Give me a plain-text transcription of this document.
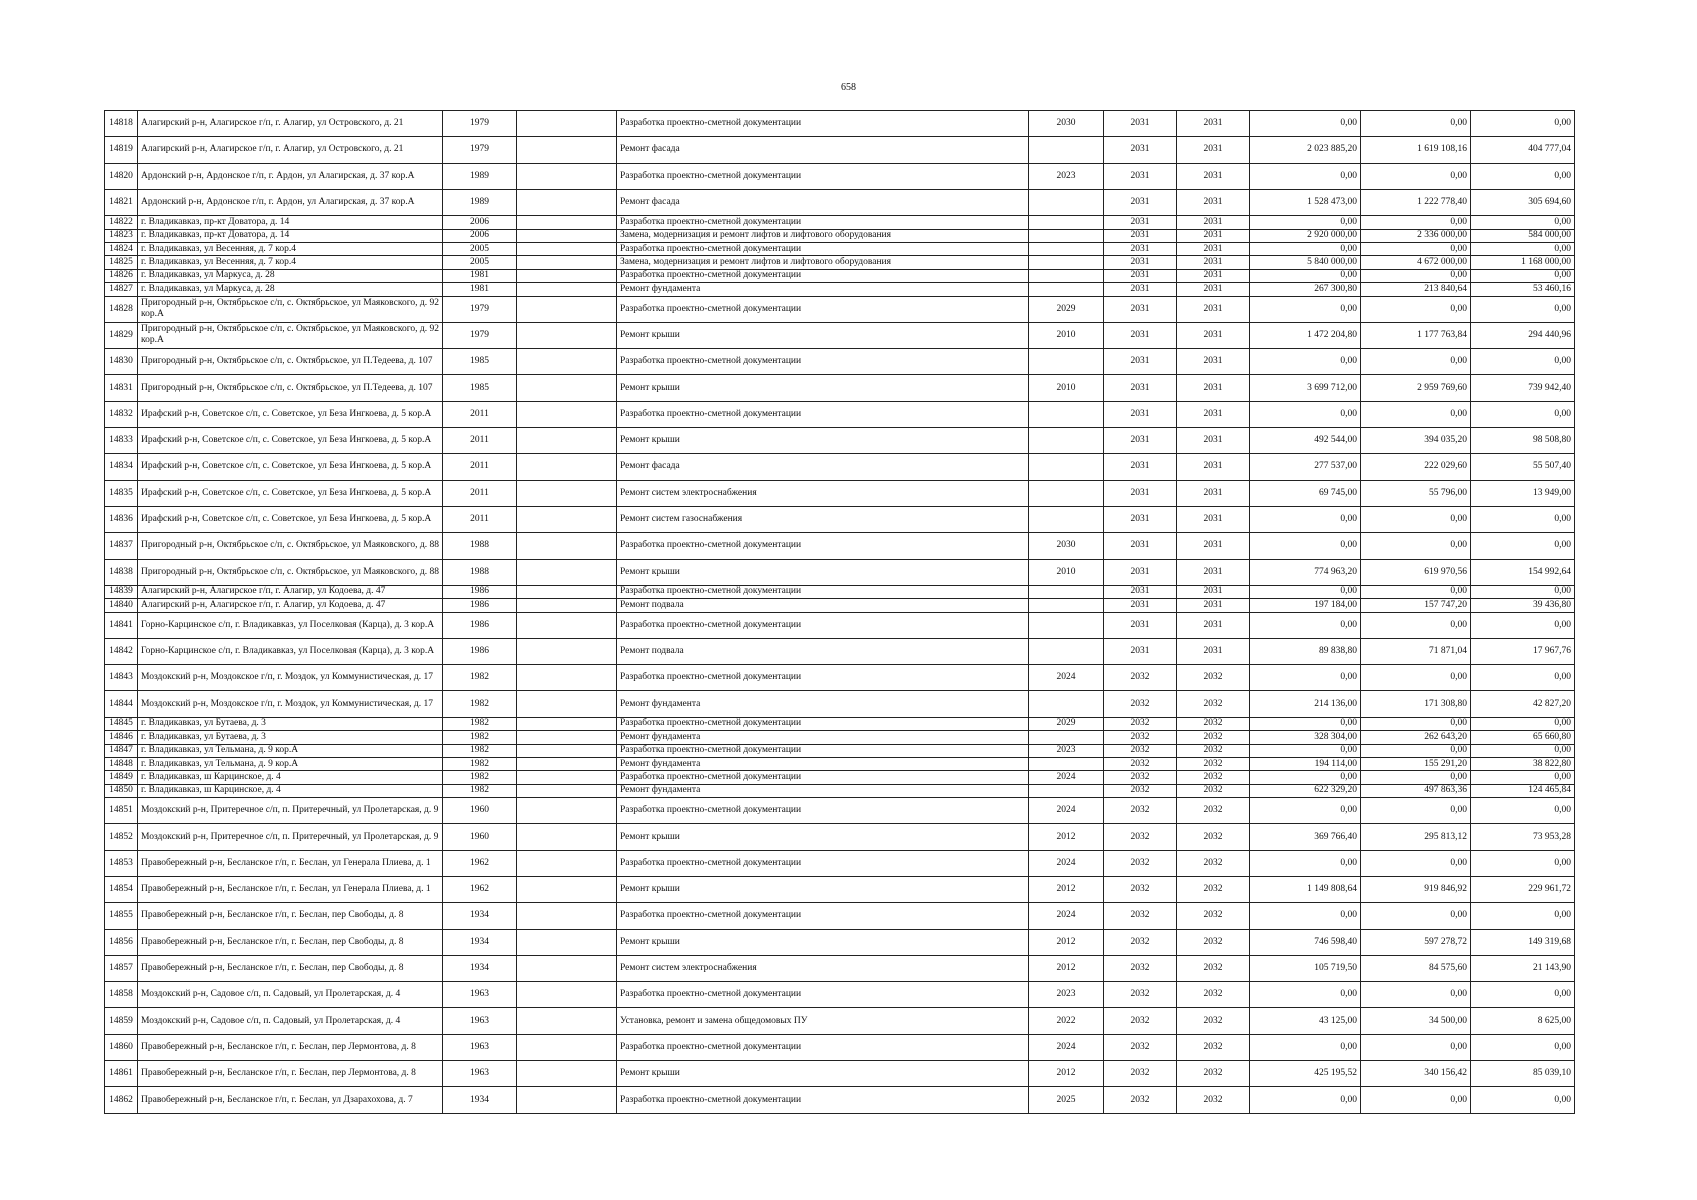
658
14818	Алагирский р-н, Алагирское г/п, г. Алагир, ул Островского, д. 21	1979		Разработка проектно-сметной документации	2030	2031	2031	0,00	0,00	0,00
14819	Алагирский р-н, Алагирское г/п, г. Алагир, ул Островского, д. 21	1979		Ремонт фасада		2031	2031	2 023 885,20	1 619 108,16	404 777,04
14820	Ардонский р-н, Ардонское г/п, г. Ардон, ул Алагирская, д. 37 кор.А	1989		Разработка проектно-сметной документации	2023	2031	2031	0,00	0,00	0,00
14821	Ардонский р-н, Ардонское г/п, г. Ардон, ул Алагирская, д. 37 кор.А	1989		Ремонт фасада		2031	2031	1 528 473,00	1 222 778,40	305 694,60
14822	г. Владикавказ, пр-кт Доватора, д. 14	2006		Разработка проектно-сметной документации		2031	2031	0,00	0,00	0,00
14823	г. Владикавказ, пр-кт Доватора, д. 14	2006		Замена, модернизация и ремонт лифтов и лифтового оборудования		2031	2031	2 920 000,00	2 336 000,00	584 000,00
14824	г. Владикавказ, ул Весенняя, д. 7 кор.4	2005		Разработка проектно-сметной документации		2031	2031	0,00	0,00	0,00
14825	г. Владикавказ, ул Весенняя, д. 7 кор.4	2005		Замена, модернизация и ремонт лифтов и лифтового оборудования		2031	2031	5 840 000,00	4 672 000,00	1 168 000,00
14826	г. Владикавказ, ул Маркуса, д. 28	1981		Разработка проектно-сметной документации		2031	2031	0,00	0,00	0,00
14827	г. Владикавказ, ул Маркуса, д. 28	1981		Ремонт фундамента		2031	2031	267 300,80	213 840,64	53 460,16
14828	Пригородный р-н, Октябрьское с/п, с. Октябрьское, ул Маяковского, д. 92 кор.А	1979		Разработка проектно-сметной документации	2029	2031	2031	0,00	0,00	0,00
14829	Пригородный р-н, Октябрьское с/п, с. Октябрьское, ул Маяковского, д. 92 кор.А	1979		Ремонт крыши	2010	2031	2031	1 472 204,80	1 177 763,84	294 440,96
14830	Пригородный р-н, Октябрьское с/п, с. Октябрьское, ул П.Тедеева, д. 107	1985		Разработка проектно-сметной документации		2031	2031	0,00	0,00	0,00
14831	Пригородный р-н, Октябрьское с/п, с. Октябрьское, ул П.Тедеева, д. 107	1985		Ремонт крыши	2010	2031	2031	3 699 712,00	2 959 769,60	739 942,40
14832	Ирафский р-н, Советское с/п, с. Советское, ул Беза Ингкоева, д. 5 кор.А	2011		Разработка проектно-сметной документации		2031	2031	0,00	0,00	0,00
14833	Ирафский р-н, Советское с/п, с. Советское, ул Беза Ингкоева, д. 5 кор.А	2011		Ремонт крыши		2031	2031	492 544,00	394 035,20	98 508,80
14834	Ирафский р-н, Советское с/п, с. Советское, ул Беза Ингкоева, д. 5 кор.А	2011		Ремонт фасада		2031	2031	277 537,00	222 029,60	55 507,40
14835	Ирафский р-н, Советское с/п, с. Советское, ул Беза Ингкоева, д. 5 кор.А	2011		Ремонт систем электроснабжения		2031	2031	69 745,00	55 796,00	13 949,00
14836	Ирафский р-н, Советское с/п, с. Советское, ул Беза Ингкоева, д. 5 кор.А	2011		Ремонт систем газоснабжения		2031	2031	0,00	0,00	0,00
14837	Пригородный р-н, Октябрьское с/п, с. Октябрьское, ул Маяковского, д. 88	1988		Разработка проектно-сметной документации	2030	2031	2031	0,00	0,00	0,00
14838	Пригородный р-н, Октябрьское с/п, с. Октябрьское, ул Маяковского, д. 88	1988		Ремонт крыши	2010	2031	2031	774 963,20	619 970,56	154 992,64
14839	Алагирский р-н, Алагирское г/п, г. Алагир, ул Кодоева, д. 47	1986		Разработка проектно-сметной документации		2031	2031	0,00	0,00	0,00
14840	Алагирский р-н, Алагирское г/п, г. Алагир, ул Кодоева, д. 47	1986		Ремонт подвала		2031	2031	197 184,00	157 747,20	39 436,80
14841	Горно-Карцинское с/п, г. Владикавказ, ул Поселковая (Карца), д. 3 кор.А	1986		Разработка проектно-сметной документации		2031	2031	0,00	0,00	0,00
14842	Горно-Карцинское с/п, г. Владикавказ, ул Поселковая (Карца), д. 3 кор.А	1986		Ремонт подвала		2031	2031	89 838,80	71 871,04	17 967,76
14843	Моздокский р-н, Моздокское г/п, г. Моздок, ул Коммунистическая, д. 17	1982		Разработка проектно-сметной документации	2024	2032	2032	0,00	0,00	0,00
14844	Моздокский р-н, Моздокское г/п, г. Моздок, ул Коммунистическая, д. 17	1982		Ремонт фундамента		2032	2032	214 136,00	171 308,80	42 827,20
14845	г. Владикавказ, ул Бутаева, д. 3	1982		Разработка проектно-сметной документации	2029	2032	2032	0,00	0,00	0,00
14846	г. Владикавказ, ул Бутаева, д. 3	1982		Ремонт фундамента		2032	2032	328 304,00	262 643,20	65 660,80
14847	г. Владикавказ, ул Тельмана, д. 9 кор.А	1982		Разработка проектно-сметной документации	2023	2032	2032	0,00	0,00	0,00
14848	г. Владикавказ, ул Тельмана, д. 9 кор.А	1982		Ремонт фундамента		2032	2032	194 114,00	155 291,20	38 822,80
14849	г. Владикавказ, ш Карцинское, д. 4	1982		Разработка проектно-сметной документации	2024	2032	2032	0,00	0,00	0,00
14850	г. Владикавказ, ш Карцинское, д. 4	1982		Ремонт фундамента		2032	2032	622 329,20	497 863,36	124 465,84
14851	Моздокский р-н, Притеречное с/п, п. Притеречный, ул Пролетарская, д. 9	1960		Разработка проектно-сметной документации	2024	2032	2032	0,00	0,00	0,00
14852	Моздокский р-н, Притеречное с/п, п. Притеречный, ул Пролетарская, д. 9	1960		Ремонт крыши	2012	2032	2032	369 766,40	295 813,12	73 953,28
14853	Правобережный р-н, Бесланское г/п, г. Беслан, ул Генерала Плиева, д. 1	1962		Разработка проектно-сметной документации	2024	2032	2032	0,00	0,00	0,00
14854	Правобережный р-н, Бесланское г/п, г. Беслан, ул Генерала Плиева, д. 1	1962		Ремонт крыши	2012	2032	2032	1 149 808,64	919 846,92	229 961,72
14855	Правобережный р-н, Бесланское г/п, г. Беслан, пер Свободы, д. 8	1934		Разработка проектно-сметной документации	2024	2032	2032	0,00	0,00	0,00
14856	Правобережный р-н, Бесланское г/п, г. Беслан, пер Свободы, д. 8	1934		Ремонт крыши	2012	2032	2032	746 598,40	597 278,72	149 319,68
14857	Правобережный р-н, Бесланское г/п, г. Беслан, пер Свободы, д. 8	1934		Ремонт систем электроснабжения	2012	2032	2032	105 719,50	84 575,60	21 143,90
14858	Моздокский р-н, Садовое с/п, п. Садовый, ул Пролетарская, д. 4	1963		Разработка проектно-сметной документации	2023	2032	2032	0,00	0,00	0,00
14859	Моздокский р-н, Садовое с/п, п. Садовый, ул Пролетарская, д. 4	1963		Установка, ремонт и замена общедомовых ПУ	2022	2032	2032	43 125,00	34 500,00	8 625,00
14860	Правобережный р-н, Бесланское г/п, г. Беслан, пер Лермонтова, д. 8	1963		Разработка проектно-сметной документации	2024	2032	2032	0,00	0,00	0,00
14861	Правобережный р-н, Бесланское г/п, г. Беслан, пер Лермонтова, д. 8	1963		Ремонт крыши	2012	2032	2032	425 195,52	340 156,42	85 039,10
14862	Правобережный р-н, Бесланское г/п, г. Беслан, ул Дзарахохова, д. 7	1934		Разработка проектно-сметной документации	2025	2032	2032	0,00	0,00	0,00
